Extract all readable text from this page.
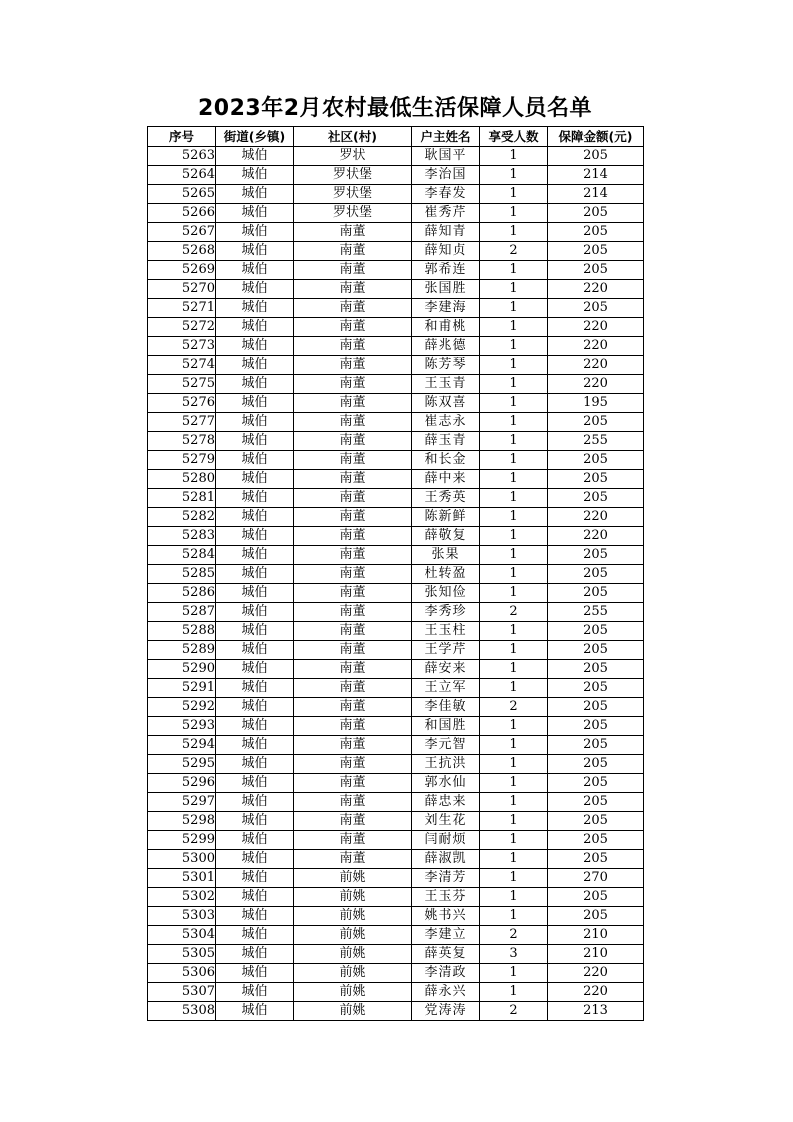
2023年2月农村最低生活保障人员名单
序号	街道(乡镇)	社区(村)	户主姓名	享受人数	保障金额(元)
5263	城伯	罗状	耿国平	1	205
5264	城伯	罗状堡	李治国	1	214
5265	城伯	罗状堡	李春发	1	214
5266	城伯	罗状堡	崔秀芹	1	205
5267	城伯	南董	薛知青	1	205
5268	城伯	南董	薛知贞	2	205
5269	城伯	南董	郭希连	1	205
5270	城伯	南董	张国胜	1	220
5271	城伯	南董	李建海	1	205
5272	城伯	南董	和甫桃	1	220
5273	城伯	南董	薛兆德	1	220
5274	城伯	南董	陈芳琴	1	220
5275	城伯	南董	王玉青	1	220
5276	城伯	南董	陈双喜	1	195
5277	城伯	南董	崔志永	1	205
5278	城伯	南董	薛玉青	1	255
5279	城伯	南董	和长金	1	205
5280	城伯	南董	薛中来	1	205
5281	城伯	南董	王秀英	1	205
5282	城伯	南董	陈新鲜	1	220
5283	城伯	南董	薛敬复	1	220
5284	城伯	南董	张果	1	205
5285	城伯	南董	杜转盈	1	205
5286	城伯	南董	张知俭	1	205
5287	城伯	南董	李秀珍	2	255
5288	城伯	南董	王玉柱	1	205
5289	城伯	南董	王学芹	1	205
5290	城伯	南董	薛安来	1	205
5291	城伯	南董	王立军	1	205
5292	城伯	南董	李佳敏	2	205
5293	城伯	南董	和国胜	1	205
5294	城伯	南董	李元智	1	205
5295	城伯	南董	王抗洪	1	205
5296	城伯	南董	郭水仙	1	205
5297	城伯	南董	薛忠来	1	205
5298	城伯	南董	刘生花	1	205
5299	城伯	南董	闫耐烦	1	205
5300	城伯	南董	薛淑凯	1	205
5301	城伯	前姚	李清芳	1	270
5302	城伯	前姚	王玉芬	1	205
5303	城伯	前姚	姚书兴	1	205
5304	城伯	前姚	李建立	2	210
5305	城伯	前姚	薛英复	3	210
5306	城伯	前姚	李清政	1	220
5307	城伯	前姚	薛永兴	1	220
5308	城伯	前姚	党涛涛	2	213
